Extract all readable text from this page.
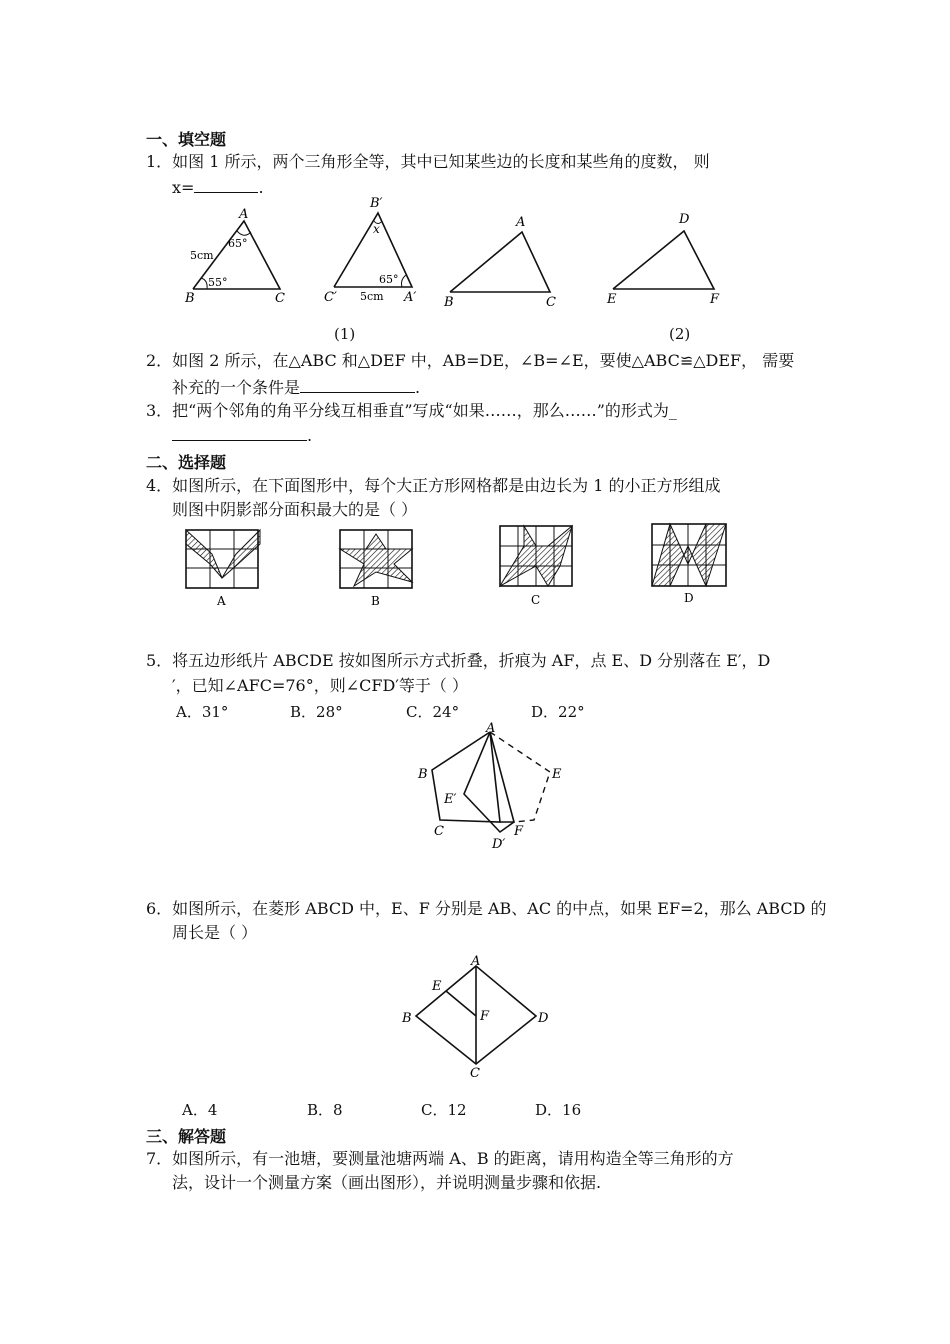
一、填空题
1．如图 1 所示，两个三角形全等，其中已知某些边的长度和某些角的度数， 则
x=	.
A
65°
5cm
55°
B	C
B′
x
65°
C′ 5cm A′
A
B	C
D
E	F
(1)	(2)
2．如图 2 所示，在△ABC 和△DEF 中，AB=DE，∠B=∠E，要使△ABC≌△DEF， 需要
补充的一个条件是	.
3．把“两个邻角的角平分线互相垂直”写成“如果……，那么……”的形式为_
.
二、选择题
4．如图所示，在下面图形中，每个大正方形网格都是由边长为 1 的小正方形组成
则图中阴影部分面积最大的是（ ）
A	B	C	D
5．将五边形纸片 ABCDE 按如图所示方式折叠，折痕为 AF，点 E、D 分别落在 E′，D
′，已知∠AFC=76°，则∠CFD′等于（ ）
A．31°	B．28°	C．24°	D．22°
A
B
E′
C
E
F
D′
6．如图所示，在菱形 ABCD 中，E、F 分别是 AB、AC 的中点，如果 EF=2，那么 ABCD 的
周长是（ ）
A
E
B	F	D
C
A．4	B．8	C．12	D．16
三、解答题
7．如图所示，有一池塘，要测量池塘两端 A、B 的距离，请用构造全等三角形的方
法，设计一个测量方案（画出图形），并说明测量步骤和依据.
